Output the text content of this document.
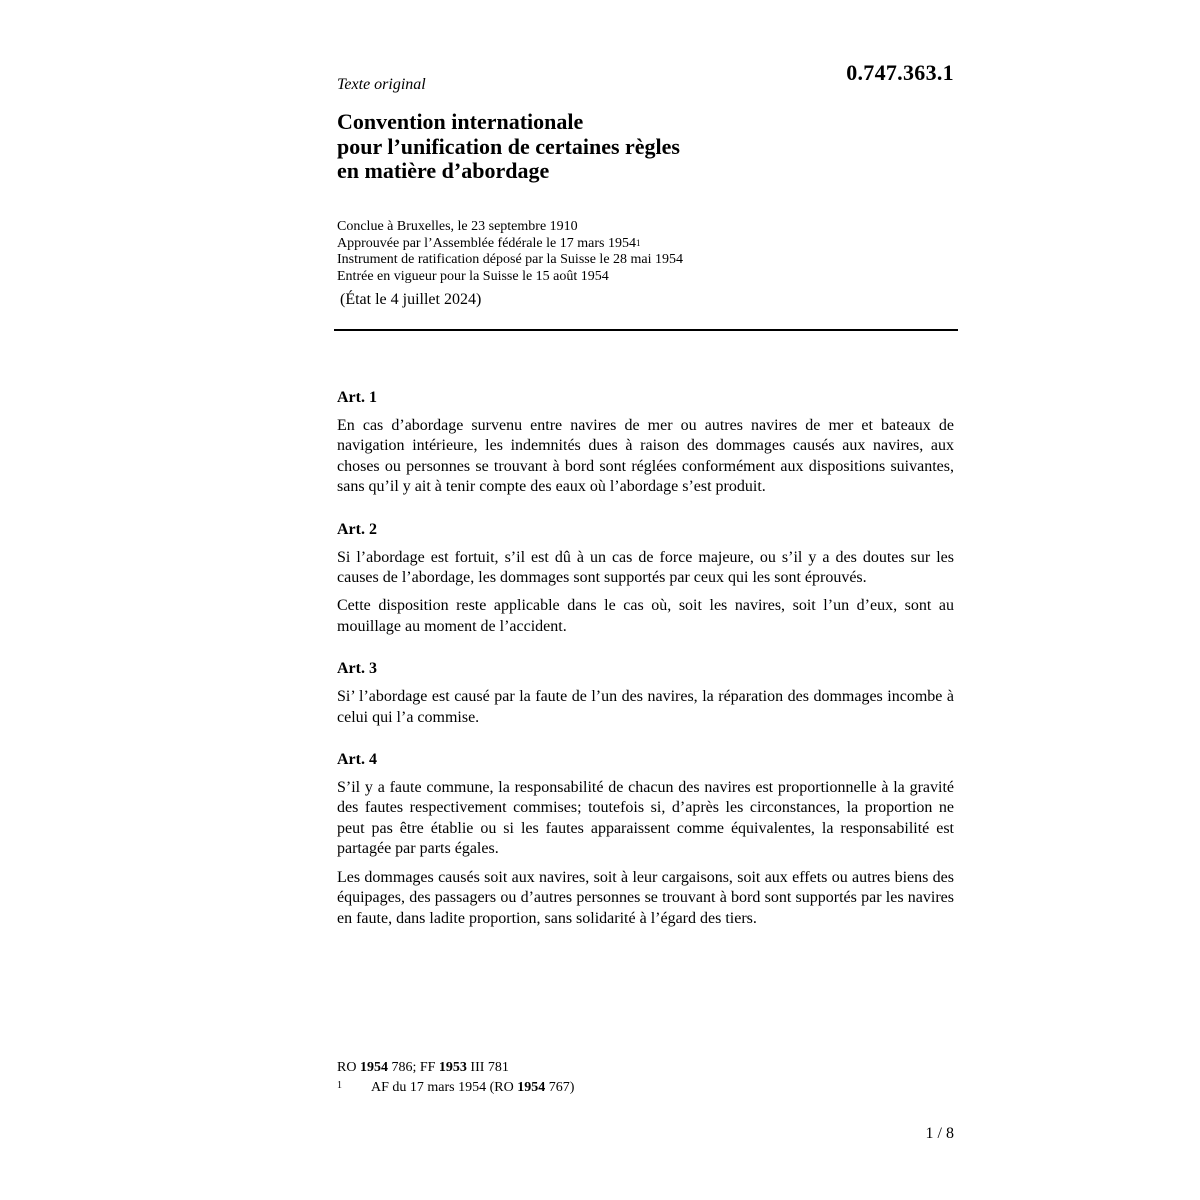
0.747.363.1
Texte original
Convention internationale
pour l’unification de certaines règles
en matière d’abordage
Conclue à Bruxelles, le 23 septembre 1910
Approuvée par l’Assemblée fédérale le 17 mars 1954$^1$
Instrument de ratification déposé par la Suisse le 28 mai 1954
Entrée en vigueur pour la Suisse le 15 août 1954
(État le 4 juillet 2024)
Art. 1

En cas d’abordage survenu entre navires de mer ou autres navires de mer et bateaux de navigation intérieure, les indemnités dues à raison des dommages causés aux navires, aux choses ou personnes se trouvant à bord sont réglées conformément aux dispositions suivantes, sans qu’il y ait à tenir compte des eaux où l’abordage s’est produit.

Art. 2

Si l’abordage est fortuit, s’il est dû à un cas de force majeure, ou s’il y a des doutes sur les causes de l’abordage, les dommages sont supportés par ceux qui les sont éprouvés.

Cette disposition reste applicable dans le cas où, soit les navires, soit l’un d’eux, sont au mouillage au moment de l’accident.

Art. 3

Si’ l’abordage est causé par la faute de l’un des navires, la réparation des dommages incombe à celui qui l’a commise.

Art. 4

S’il y a faute commune, la responsabilité de chacun des navires est proportionnelle à la gravité des fautes respectivement commises; toutefois si, d’après les circonstances, la proportion ne peut pas être établie ou si les fautes apparaissent comme équivalentes, la responsabilité est partagée par parts égales.

Les dommages causés soit aux navires, soit à leur cargaisons, soit aux effets ou autres biens des équipages, des passagers ou d’autres personnes se trouvant à bord sont supportés par les navires en faute, dans ladite proportion, sans solidarité à l’égard des tiers.

RO 1954 786; FF 1953 III 781
1 AF du 17 mars 1954 (RO 1954 767)
1 / 8
